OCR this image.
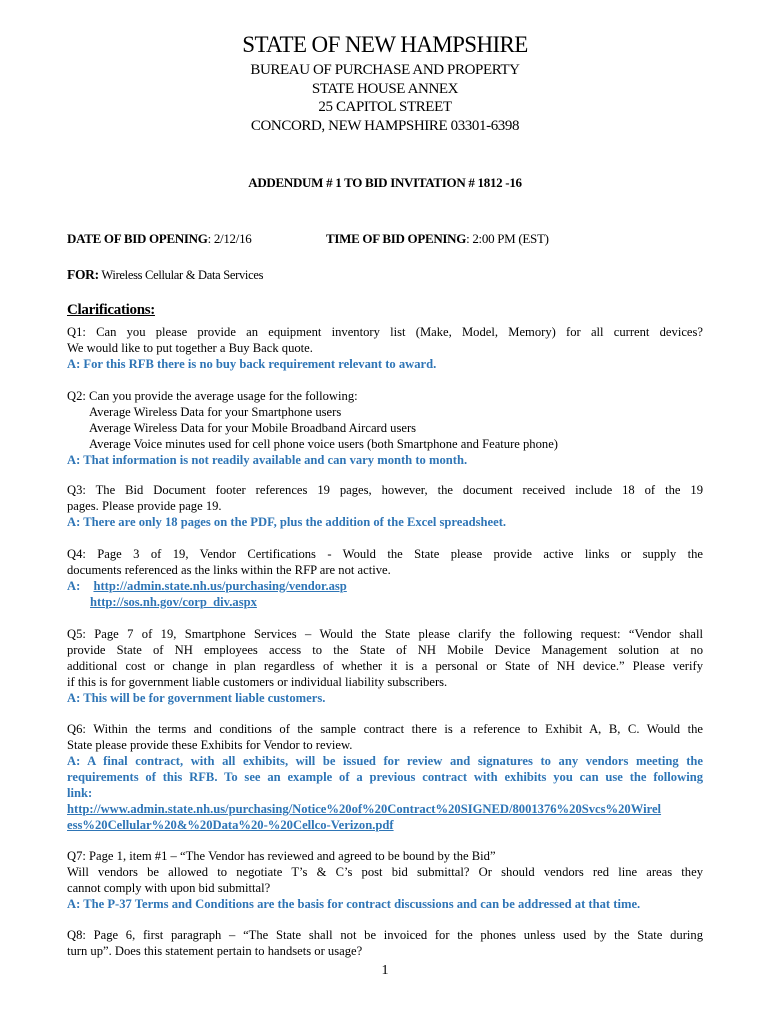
STATE OF NEW HAMPSHIRE
BUREAU OF PURCHASE AND PROPERTY
STATE HOUSE ANNEX
25 CAPITOL STREET
CONCORD, NEW HAMPSHIRE 03301-6398
ADDENDUM # 1 TO BID INVITATION # 1812 -16
DATE OF BID OPENING: 2/12/16	TIME OF BID OPENING: 2:00 PM (EST)
FOR: Wireless Cellular & Data Services
Clarifications:

Q1: Can you please provide an equipment inventory list (Make, Model, Memory) for all current devices?

We would like to put together a Buy Back quote.

A: For this RFB there is no buy back requirement relevant to award.

Q2: Can you provide the average usage for the following:

Average Wireless Data for your Smartphone users

Average Wireless Data for your Mobile Broadband Aircard users

Average Voice minutes used for cell phone voice users (both Smartphone and Feature phone)

A: That information is not readily available and can vary month to month.

Q3: The Bid Document footer references 19 pages, however, the document received include 18 of the 19

pages. Please provide page 19.

A: There are only 18 pages on the PDF, plus the addition of the Excel spreadsheet.

Q4: Page 3 of 19, Vendor Certifications - Would the State please provide active links or supply the

documents referenced as the links within the RFP are not active.

A: http://admin.state.nh.us/purchasing/vendor.asp

http://sos.nh.gov/corp_div.aspx

Q5: Page 7 of 19, Smartphone Services – Would the State please clarify the following request: “Vendor shall

provide State of NH employees access to the State of NH Mobile Device Management solution at no

additional cost or change in plan regardless of whether it is a personal or State of NH device.” Please verify

if this is for government liable customers or individual liability subscribers.

A: This will be for government liable customers.

Q6: Within the terms and conditions of the sample contract there is a reference to Exhibit A, B, C. Would the

State please provide these Exhibits for Vendor to review.

A: A final contract, with all exhibits, will be issued for review and signatures to any vendors meeting the

requirements of this RFB. To see an example of a previous contract with exhibits you can use the following

link:

http://www.admin.state.nh.us/purchasing/Notice%20of%20Contract%20SIGNED/8001376%20Svcs%20Wirel

ess%20Cellular%20&%20Data%20-%20Cellco-Verizon.pdf

Q7: Page 1, item #1 – “The Vendor has reviewed and agreed to be bound by the Bid”

Will vendors be allowed to negotiate T’s & C’s post bid submittal? Or should vendors red line areas they

cannot comply with upon bid submittal?

A: The P-37 Terms and Conditions are the basis for contract discussions and can be addressed at that time.

Q8: Page 6, first paragraph – “The State shall not be invoiced for the phones unless used by the State during

turn up”. Does this statement pertain to handsets or usage?

1
